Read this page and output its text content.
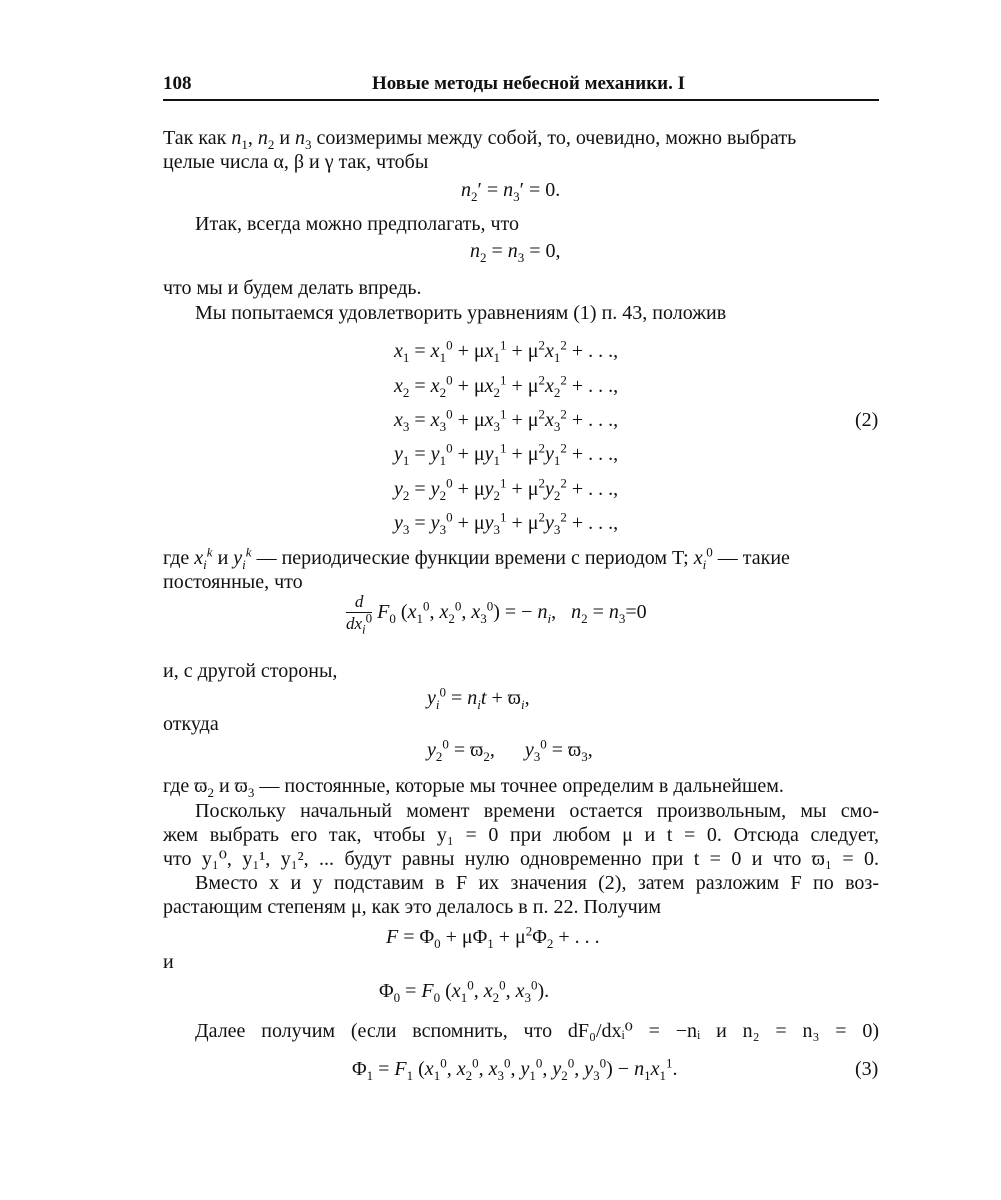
108	Новые методы небесной механики. I
Так как $n_1$, $n_2$ и $n_3$ соизмеримы между собой, то, очевидно, можно выбрать
целые числа α, β и γ так, чтобы
$n_2' = n_3' = 0$.
Итак, всегда можно предполагать, что
$n_2 = n_3 = 0$,
что мы и будем делать впредь.
Мы попытаемся удовлетворить уравнениям (1) п. 43, положив
$x_1 = x_1^0 + \mu x_1^1 + \mu^2x_1^2$ + . . .,
$x_2 = x_2^0 + \mu x_2^1 + \mu^2x_2^2$ + . . .,
$x_3 = x_3^0 + \mu x_3^1 + \mu^2x_3^2$ + . . .,	(2)
$y_1 = y_1^0 + \mu y_1^1 + \mu^2y_1^2$ + . . .,
$y_2 = y_2^0 + \mu y_2^1 + \mu^2y_2^2$ + . . .,
$y_3 = y_3^0 + \mu y_3^1 + \mu^2y_3^2$ + . . .,
где $x_i^k$ и $y_i^k$ — периодические функции времени с периодом T; $x_i^0$ — такие
постоянные, что
$\frac{d}{dx_i^0} F_0$ ($x_1^0$, $x_2^0$, $x_3^0$) = − $n_i$,   $n_2 = n_3=0$
и, с другой стороны,
$y_i^0 = n_it + ϖ_i$,
откуда
$y_2^0 = ϖ_2$,      $y_3^0 = ϖ_3$,
где $ϖ_2$ и $ϖ_3$ — постоянные, которые мы точнее определим в дальнейшем.
Поскольку начальный момент времени остается произвольным, мы смо-
жем выбрать его так, чтобы y₁ = 0 при любом μ и t = 0. Отсюда следует,
что y₁⁰, y₁¹, y₁², ... будут равны нулю одновременно при t = 0 и что ϖ₁ = 0.
Вместо x и y подставим в F их значения (2), затем разложим F по воз-
растающим степеням μ, как это делалось в п. 22. Получим
$F = \Phi_0 + \mu\Phi_1 + \mu^2\Phi_2$ + . . .
и
$\Phi_0 = F_0$ ($x_1^0$, $x_2^0$, $x_3^0$).
Далее получим (если вспомнить, что dF₀/dxᵢ⁰ = −nᵢ и n₂ = n₃ = 0)
$\Phi_1 = F_1$ ($x_1^0$, $x_2^0$, $x_3^0$, $y_1^0$, $y_2^0$, $y_3^0) - n_1x_1^1$.	(3)
